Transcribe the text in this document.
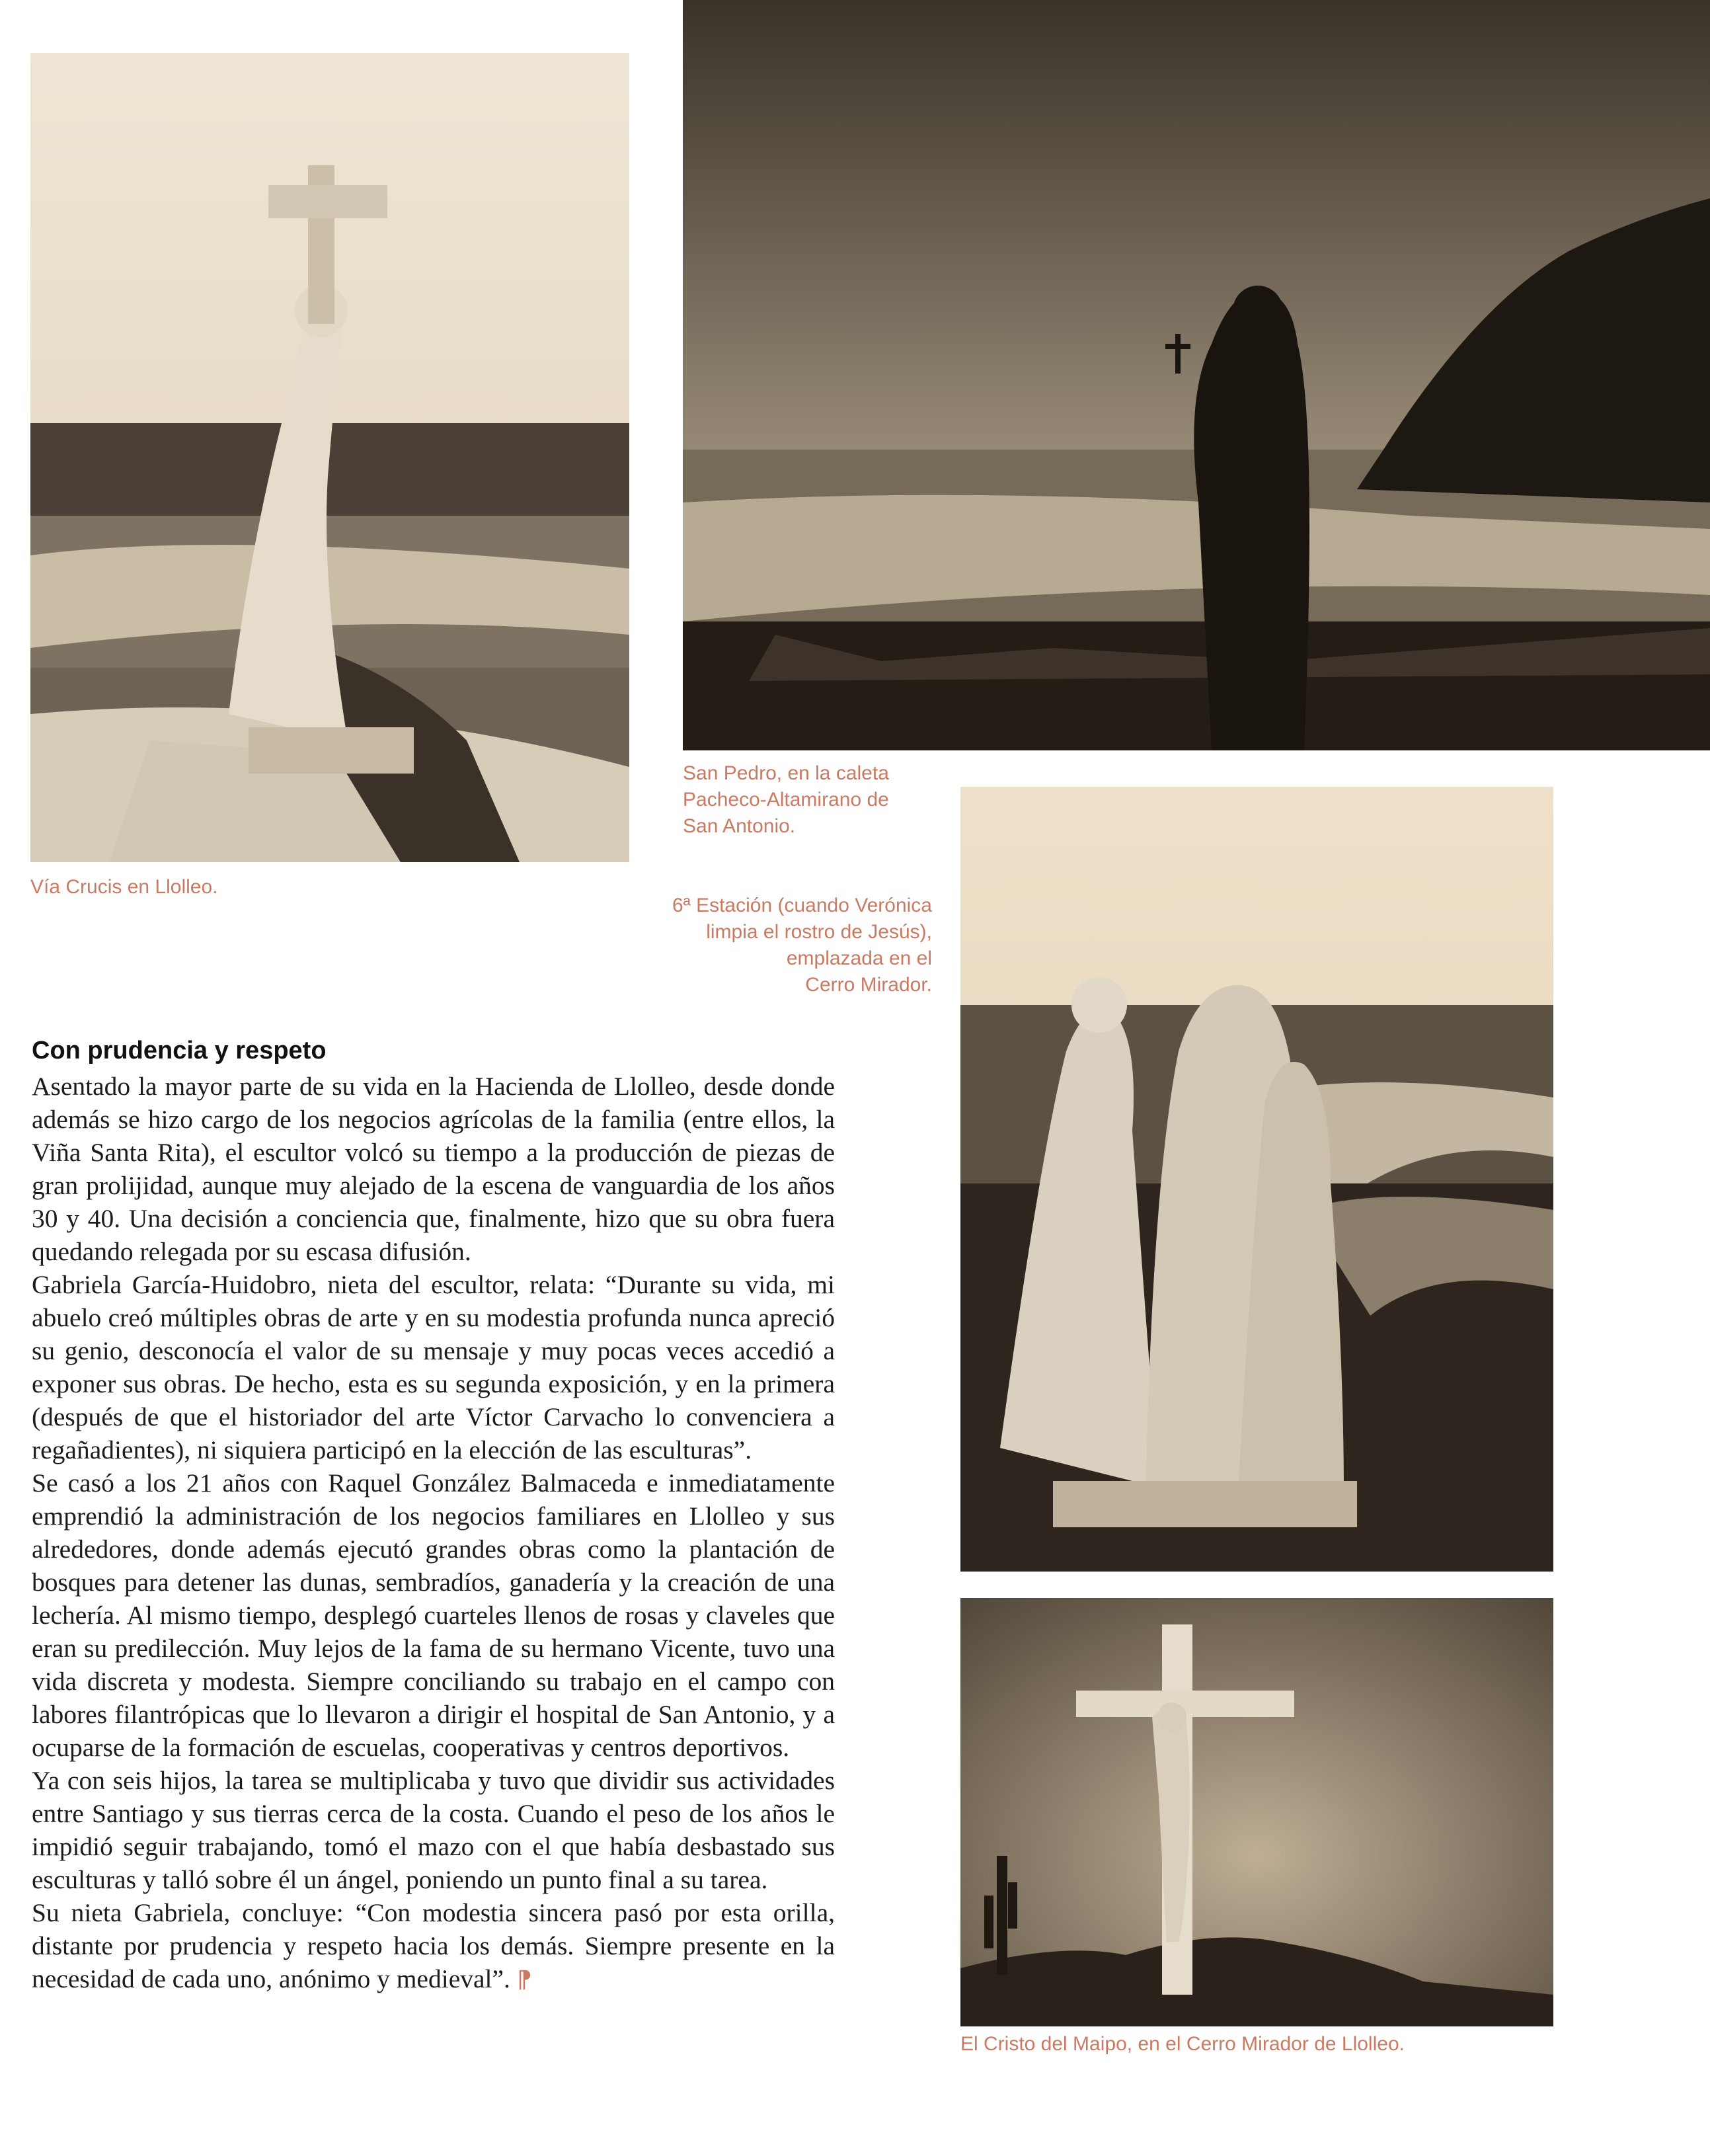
Vía Crucis en Llolleo.
San Pedro, en la caleta
Pacheco-Altamirano de
San Antonio.
6ª Estación (cuando Verónica
limpia el rostro de Jesús),
emplazada en el
Cerro Mirador.
Con prudencia y respeto

Asentado la mayor parte de su vida en la Hacienda de Llolleo, desde donde además se hizo cargo de los negocios agrícolas de la familia (entre ellos, la Viña Santa Rita), el escultor volcó su tiempo a la producción de piezas de gran prolijidad, aunque muy alejado de la escena de vanguardia de los años 30 y 40. Una decisión a conciencia que, finalmente, hizo que su obra fuera quedando relegada por su escasa difusión.

Gabriela García-Huidobro, nieta del escultor, relata: “Durante su vida, mi abuelo creó múltiples obras de arte y en su modestia profunda nunca apreció su genio, desconocía el valor de su mensaje y muy pocas veces accedió a exponer sus obras. De hecho, esta es su segunda exposición, y en la primera (después de que el historiador del arte Víctor Carvacho lo convenciera a regañadientes), ni siquiera participó en la elección de las esculturas”.

Se casó a los 21 años con Raquel González Balmaceda e inmediatamente emprendió la administración de los negocios familiares en Llolleo y sus alrededores, donde además ejecutó grandes obras como la plantación de bosques para detener las dunas, sembradíos, ganadería y la creación de una lechería. Al mismo tiempo, desplegó cuarteles llenos de rosas y claveles que eran su predilección. Muy lejos de la fama de su hermano Vicente, tuvo una vida discreta y modesta. Siempre conciliando su trabajo en el campo con labores filantrópicas que lo llevaron a dirigir el hospital de San Antonio, y a ocuparse de la formación de escuelas, cooperativas y centros deportivos.

Ya con seis hijos, la tarea se multiplicaba y tuvo que dividir sus actividades entre Santiago y sus tierras cerca de la costa. Cuando el peso de los años le impidió seguir trabajando, tomó el mazo con el que había desbastado sus esculturas y talló sobre él un ángel, poniendo un punto final a su tarea.

Su nieta Gabriela, concluye: “Con modestia sincera pasó por esta orilla, distante por prudencia y respeto hacia los demás. Siempre presente en la necesidad de cada uno, anónimo y medieval”. ⁋

El Cristo del Maipo, en el Cerro Mirador de Llolleo.
